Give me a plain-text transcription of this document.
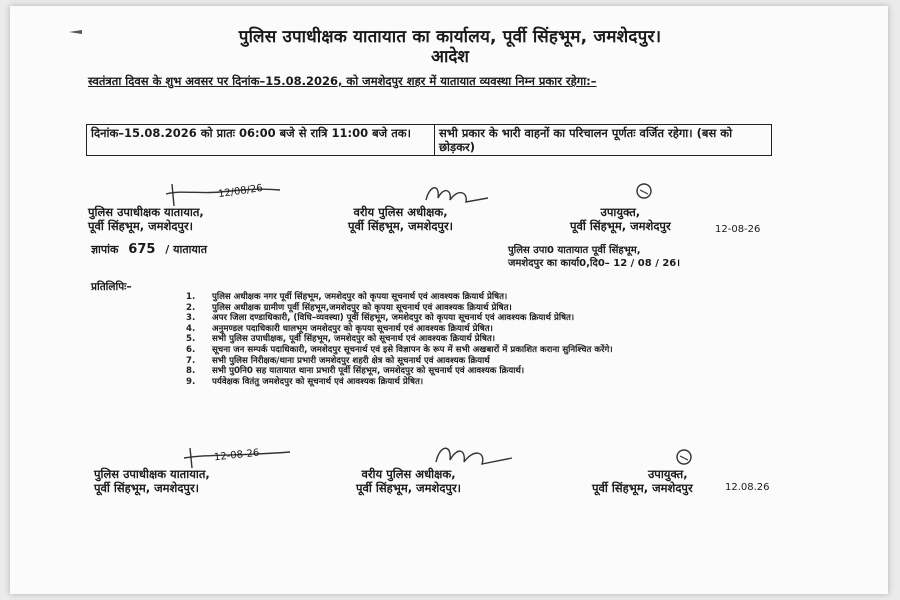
पुलिस उपाधीक्षक यातायात का कार्यालय, पूर्वी सिंहभूम, जमशेदपुर।
आदेश
स्वतंत्रता दिवस के शुभ अवसर पर दिनांक–15.08.2026, को जमशेदपुर शहर में यातायात व्यवस्था निम्न प्रकार रहेगा:–
दिनांक–15.08.2026 को प्रातः 06:00 बजे से रात्रि 11:00 बजे तक।	सभी प्रकार के भारी वाहनों का परिचालन पूर्णतः वर्जित रहेगा। (बस को छोड़कर)
पुलिस उपाधीक्षक यातायात,
पूर्वी सिंहभूम, जमशेदपुर।
12/08/26
वरीय पुलिस अधीक्षक,
पूर्वी सिंहभूम, जमशेदपुर।
उपायुक्त,
पूर्वी सिंहभूम, जमशेदपुर	12-08-26
ज्ञापांक 675 / यातायात	पुलिस उपा0 यातायात पूर्वी सिंहभूम,
जमशेदपुर का कार्या0,दि0– 12 / 08 / 26।
प्रतिलिपिः–
1.	पुलिस अधीक्षक नगर पूर्वी सिंहभूम, जमशेदपुर को कृपया सूचनार्थ एवं आवश्यक क्रियार्थ प्रेषित।
2.	पुलिस अधीक्षक ग्रामीण पूर्वी सिंहभूम,जमशेदपुर को कृपया सूचनार्थ एवं आवश्यक क्रियार्थ प्रेषित।
3.	अपर जिला दण्डाधिकारी, (विधि–व्यवस्था) पूर्वी सिंहभूम, जमशेदपुर को कृपया सूचनार्थ एवं आवश्यक क्रियार्थ प्रेषित।
4.	अनुमण्डल पदाधिकारी धालभूम जमशेदपुर को कृपया सूचनार्थ एवं आवश्यक क्रियार्थ प्रेषित।
5.	सभी पुलिस उपाधीक्षक, पूर्वी सिंहभूम, जमशेदपुर को सूचनार्थ एवं आवश्यक क्रियार्थ प्रेषित।
6.	सूचना जन सम्पर्क पदाधिकारी, जमशेदपुर सूचनार्थ एवं इसे विज्ञापन के रूप में सभी अखबारों में प्रकाशित कराना सुनिश्चित करेंगे।
7.	सभी पुलिस निरीक्षक/थाना प्रभारी जमशेदपुर शहरी क्षेत्र को सूचनार्थ एवं आवश्यक क्रियार्थ
8.	सभी पु0नि0 सह यातायात थाना प्रभारी पूर्वी सिंहभूम, जमशेदपुर को सूचनार्थ एवं आवश्यक क्रियार्थ।
9.	पर्यवेक्षक वितंतु जमशेदपुर को सूचनार्थ एवं आवश्यक क्रियार्थ प्रेषित।
पुलिस उपाधीक्षक यातायात,
पूर्वी सिंहभूम, जमशेदपुर।
12-08-26
वरीय पुलिस अधीक्षक,
पूर्वी सिंहभूम, जमशेदपुर।
उपायुक्त,
पूर्वी सिंहभूम, जमशेदपुर	12.08.26
